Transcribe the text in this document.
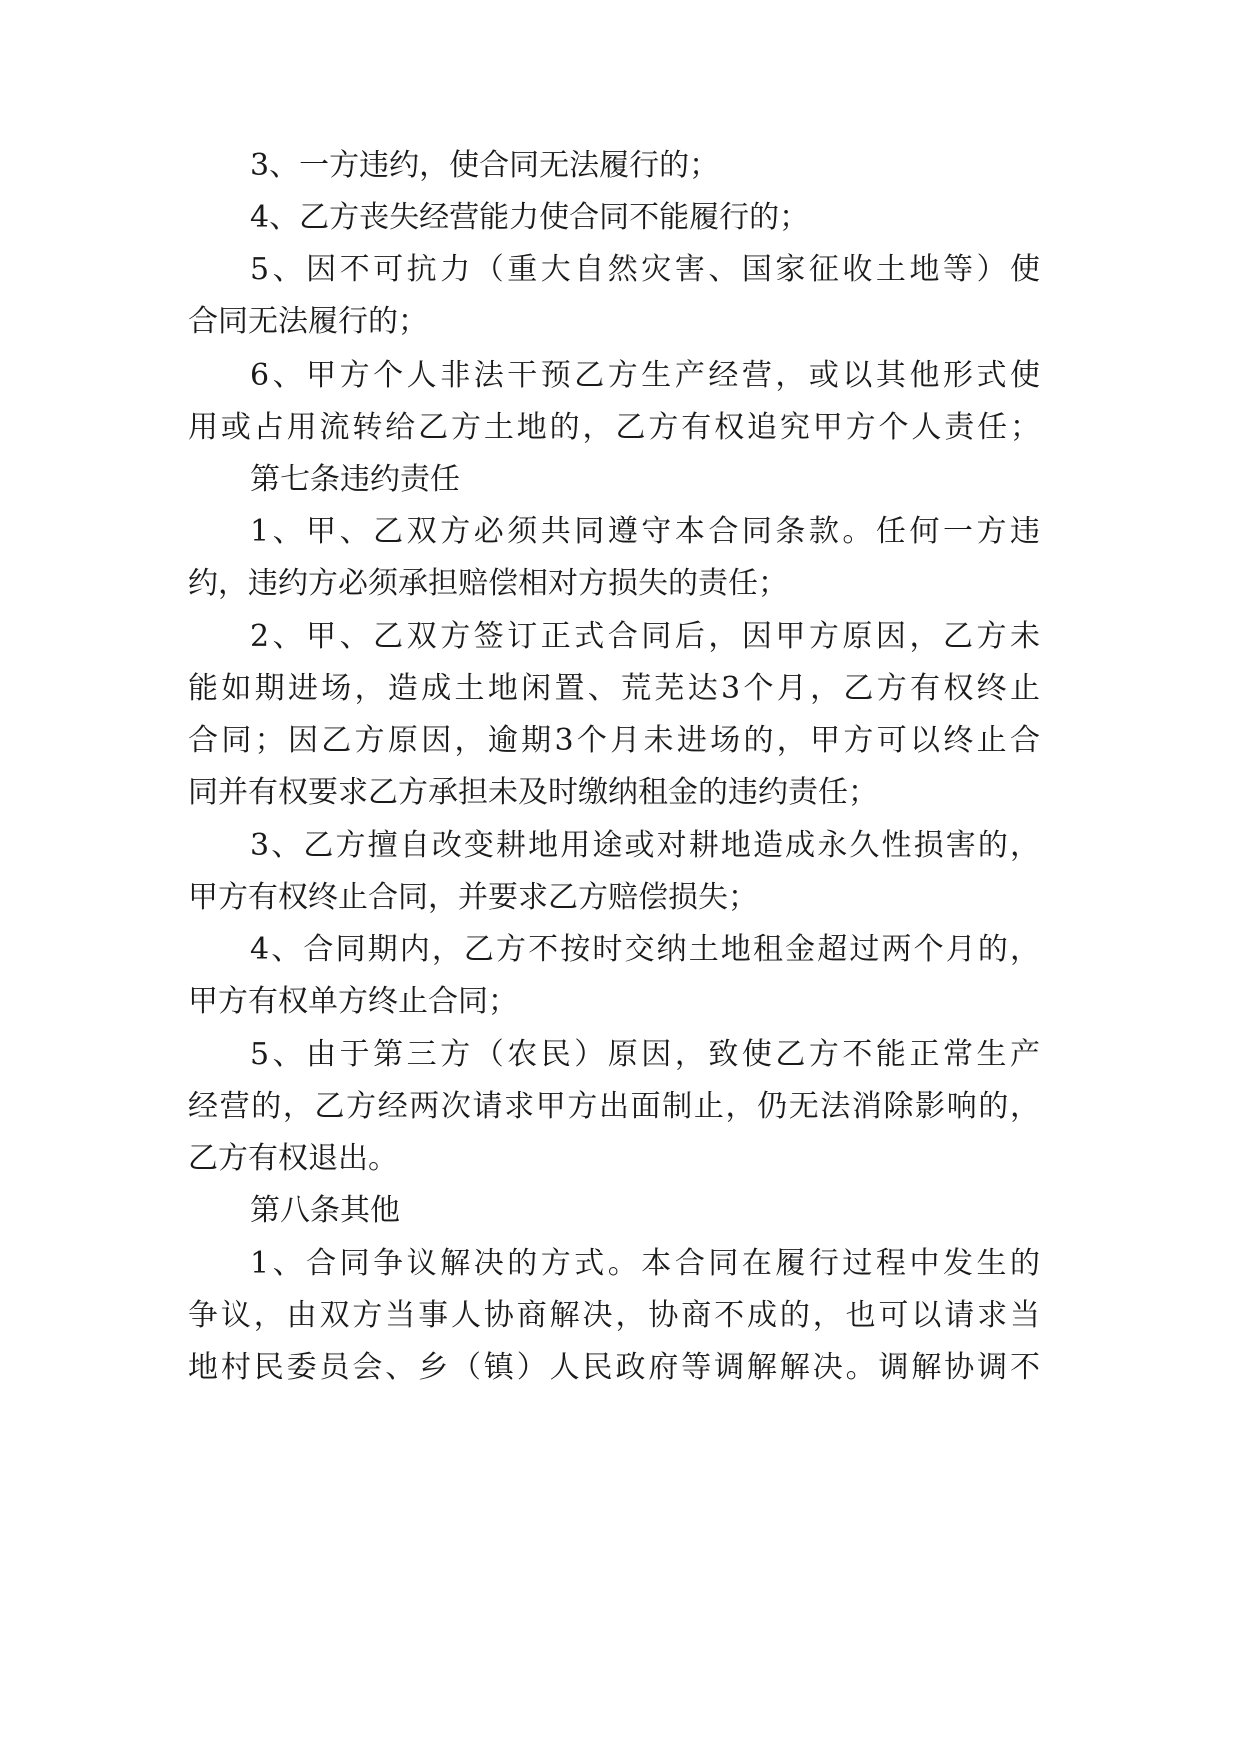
3、一方违约，使合同无法履行的；
4、乙方丧失经营能力使合同不能履行的；
5、因不可抗力（重大自然灾害、国家征收土地等）使
合同无法履行的；
6、甲方个人非法干预乙方生产经营，或以其他形式使
用或占用流转给乙方土地的，乙方有权追究甲方个人责任；
第七条违约责任
1、甲、乙双方必须共同遵守本合同条款。任何一方违
约，违约方必须承担赔偿相对方损失的责任；
2、甲、乙双方签订正式合同后，因甲方原因，乙方未
能如期进场，造成土地闲置、荒芜达3个月，乙方有权终止
合同；因乙方原因，逾期3个月未进场的，甲方可以终止合
同并有权要求乙方承担未及时缴纳租金的违约责任；
3、乙方擅自改变耕地用途或对耕地造成永久性损害的，
甲方有权终止合同，并要求乙方赔偿损失；
4、合同期内，乙方不按时交纳土地租金超过两个月的，
甲方有权单方终止合同；
5、由于第三方（农民）原因，致使乙方不能正常生产
经营的，乙方经两次请求甲方出面制止，仍无法消除影响的，
乙方有权退出。
第八条其他
1、合同争议解决的方式。本合同在履行过程中发生的
争议，由双方当事人协商解决，协商不成的，也可以请求当
地村民委员会、乡（镇）人民政府等调解解决。调解协调不
